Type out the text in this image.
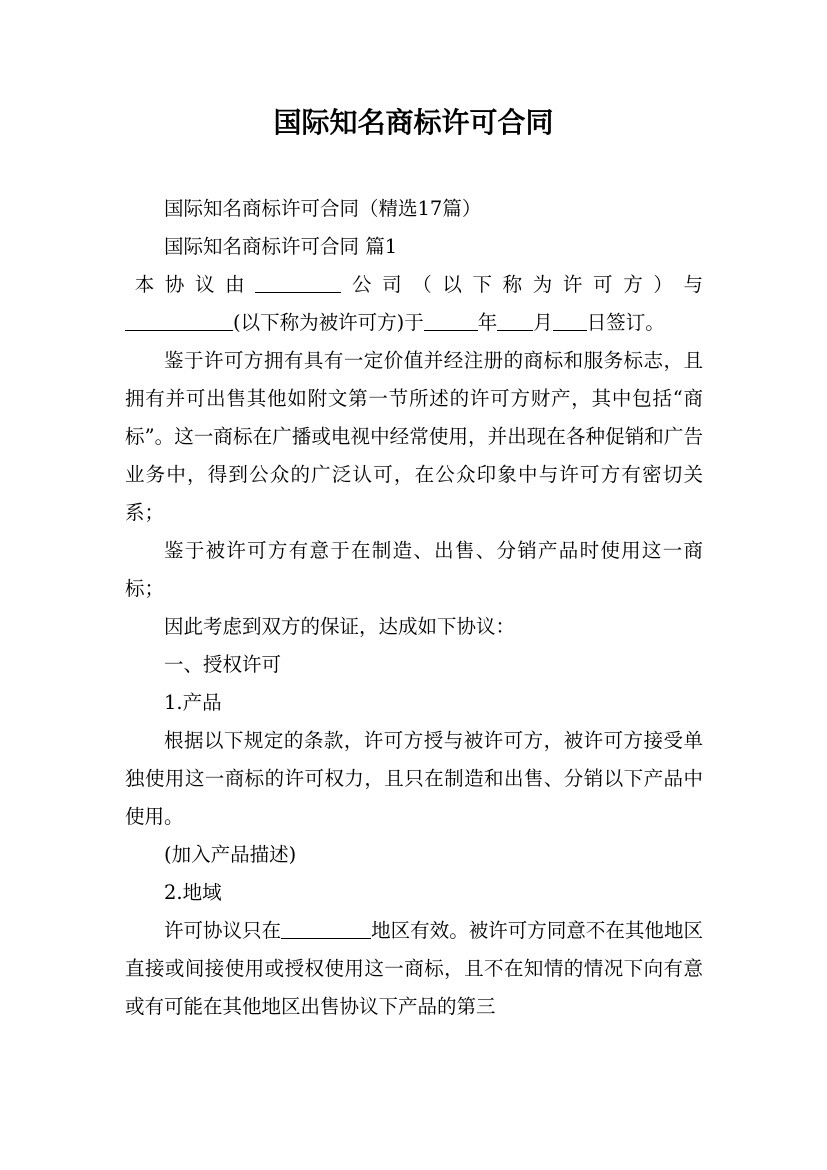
国际知名商标许可合同

国际知名商标许可合同（精选17篇）

国际知名商标许可合同 篇1

本协议由	公司（以下称为许可方）与
(以下称为被许可方)于	年 月 日签订。

鉴于许可方拥有具有一定价值并经注册的商标和服务标志，且拥有并可出售其他如附文第一节所述的许可方财产，其中包括“商标”。这一商标在广播或电视中经常使用，并出现在各种促销和广告业务中，得到公众的广泛认可，在公众印象中与许可方有密切关系；

鉴于被许可方有意于在制造、出售、分销产品时使用这一商标；

因此考虑到双方的保证，达成如下协议：

一、授权许可

1.产品

根据以下规定的条款，许可方授与被许可方，被许可方接受单独使用这一商标的许可权力，且只在制造和出售、分销以下产品中使用。

(加入产品描述)

2.地域

许可协议只在	地区有效。被许可方同意不在其他地区直接或间接使用或授权使用这一商标，且不在知情的情况下向有意或有可能在其他地区出售协议下产品的第三
